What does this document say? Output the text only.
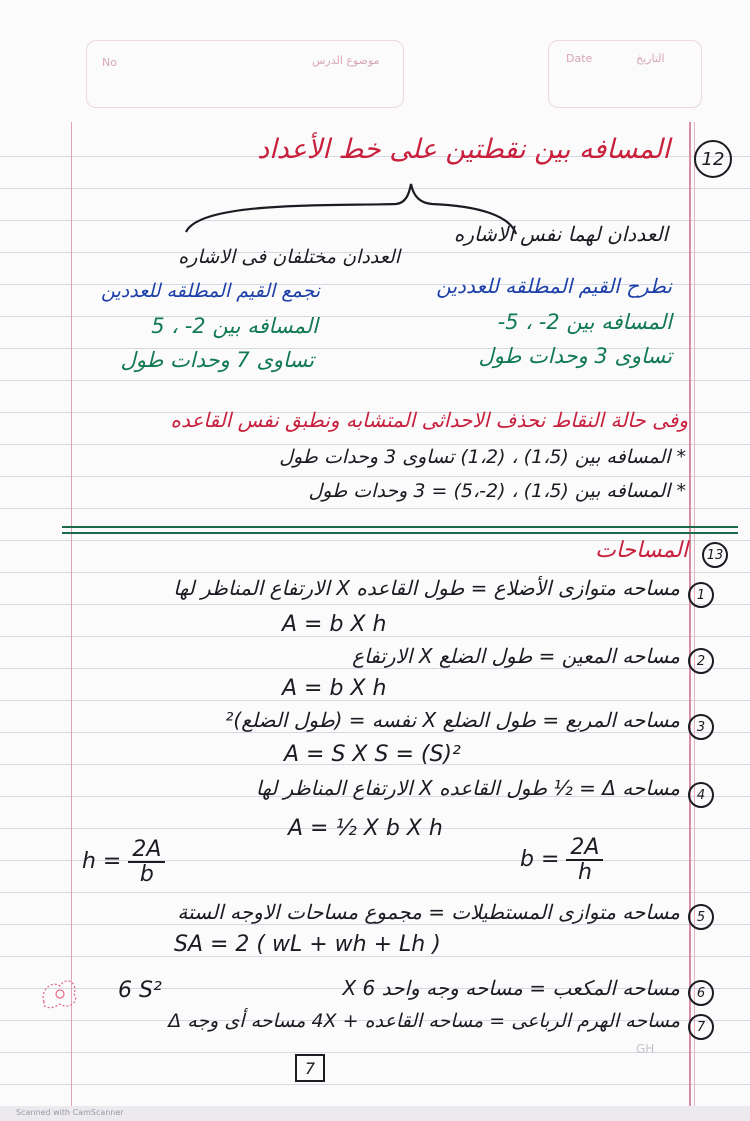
No	موضوع الدرس	Date	التاريخ
12
المسافه بين نقطتين على خط الأعداد
العددان لهما نفس الاشاره
العددان مختلفان فى الاشاره
نطرح القيم المطلقه للعددين
نجمع القيم المطلقه للعددين
المسافه بين 2- ، 5-
المسافه بين 2- ، 5
تساوى 3 وحدات طول
تساوى 7 وحدات طول
وفى حالة النقاط نحذف الاحداثى المتشابه ونطبق نفس القاعده
* المسافه بين (1،5) ، (1،2) تساوى 3 وحدات طول
* المسافه بين (1،5) ، (2-،5) = 3 وحدات طول
13
المساحات
1
مساحه متوازى الأضلاع = طول القاعده X الارتفاع المناظر لها
A = b X h
2
مساحه المعين = طول الضلع X الارتفاع
A = b X h
3
مساحه المربع = طول الضلع X نفسه = (طول الضلع)²
A = S X S = (S)²
4
مساحه Δ = ½ طول القاعده X الارتفاع المناظر لها
A = ½ X b X h
$h = \frac{2A}{b}$	$b = \frac{2A}{h}$
5
مساحه متوازى المستطيلات = مجموع مساحات الاوجه الستة
SA = 2 ( wL + wh + Lh )
6
مساحه المكعب = مساحه وجه واحد X 6
6 S²
7
مساحه الهرم الرباعى = مساحه القاعده + 4X مساحه أى وجه Δ
7
GH
Scanned with CamScanner
